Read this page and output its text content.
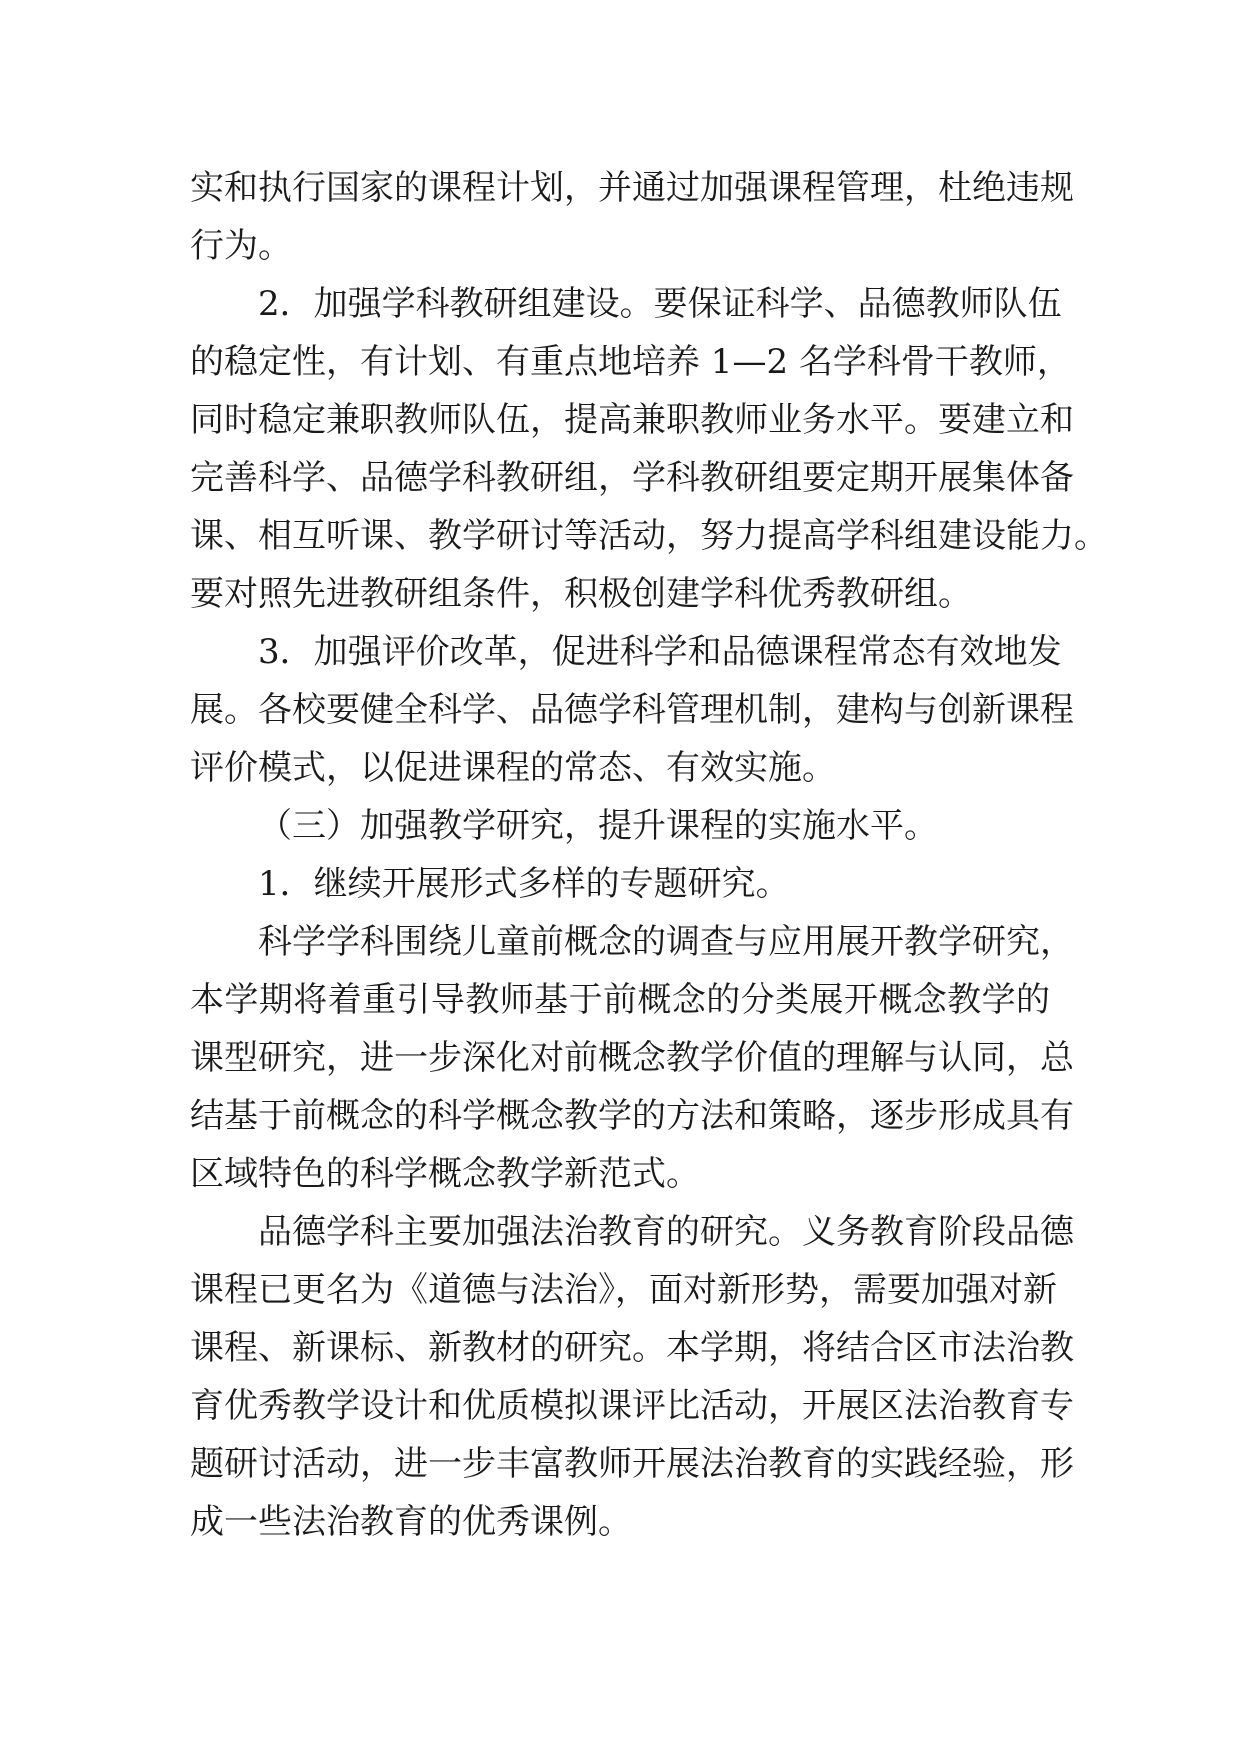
实和执行国家的课程计划，并通过加强课程管理，杜绝违规
行为。
2．加强学科教研组建设。要保证科学、品德教师队伍
的稳定性，有计划、有重点地培养 1—2 名学科骨干教师，
同时稳定兼职教师队伍，提高兼职教师业务水平。要建立和
完善科学、品德学科教研组，学科教研组要定期开展集体备
课、相互听课、教学研讨等活动，努力提高学科组建设能力。
要对照先进教研组条件，积极创建学科优秀教研组。
3．加强评价改革，促进科学和品德课程常态有效地发
展。各校要健全科学、品德学科管理机制，建构与创新课程
评价模式，以促进课程的常态、有效实施。
（三）加强教学研究，提升课程的实施水平。
1．继续开展形式多样的专题研究。
科学学科围绕儿童前概念的调查与应用展开教学研究，
本学期将着重引导教师基于前概念的分类展开概念教学的
课型研究，进一步深化对前概念教学价值的理解与认同，总
结基于前概念的科学概念教学的方法和策略，逐步形成具有
区域特色的科学概念教学新范式。
品德学科主要加强法治教育的研究。义务教育阶段品德
课程已更名为《道德与法治》，面对新形势，需要加强对新
课程、新课标、新教材的研究。本学期，将结合区市法治教
育优秀教学设计和优质模拟课评比活动，开展区法治教育专
题研讨活动，进一步丰富教师开展法治教育的实践经验，形
成一些法治教育的优秀课例。
